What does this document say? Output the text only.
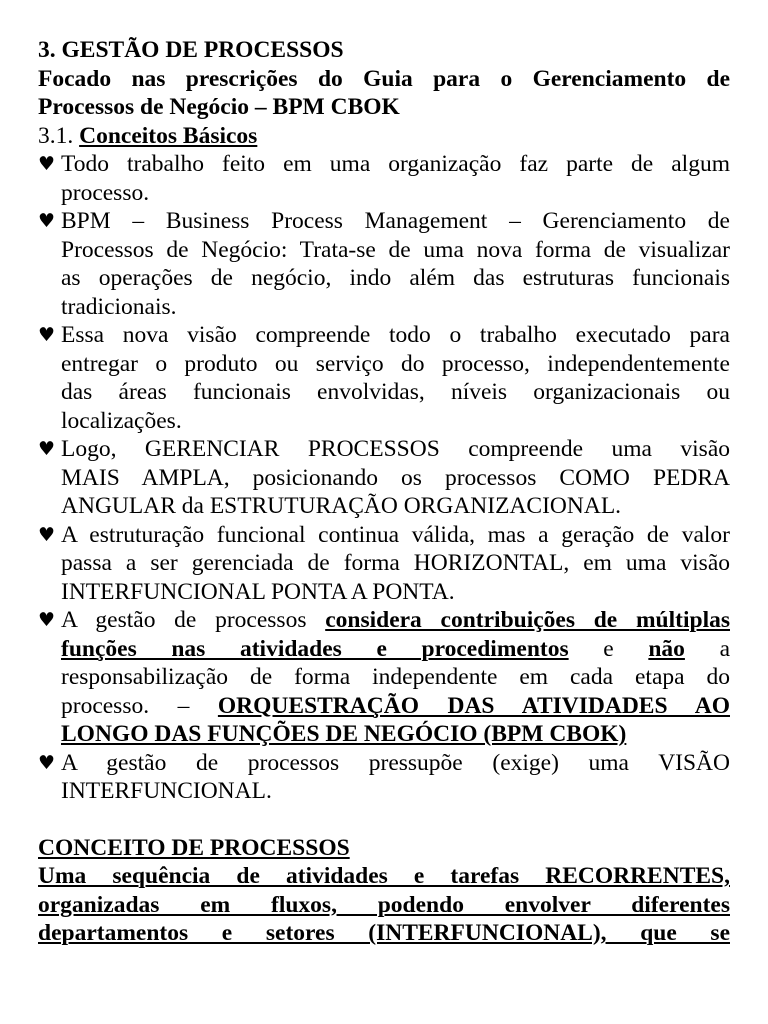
3. GESTÃO DE PROCESSOS
Focado nas prescrições do Guia para o Gerenciamento de
Processos de Negócio – BPM CBOK
3.1. Conceitos Básicos
♥ Todo trabalho feito em uma organização faz parte de algum
processo.
♥ BPM – Business Process Management – Gerenciamento de
Processos de Negócio: Trata-se de uma nova forma de visualizar
as operações de negócio, indo além das estruturas funcionais
tradicionais.
♥ Essa nova visão compreende todo o trabalho executado para
entregar o produto ou serviço do processo, independentemente
das áreas funcionais envolvidas, níveis organizacionais ou
localizações.
♥ Logo, GERENCIAR PROCESSOS compreende uma visão
MAIS AMPLA, posicionando os processos COMO PEDRA
ANGULAR da ESTRUTURAÇÃO ORGANIZACIONAL.
♥ A estruturação funcional continua válida, mas a geração de valor
passa a ser gerenciada de forma HORIZONTAL, em uma visão
INTERFUNCIONAL PONTA A PONTA.
♥ A gestão de processos considera contribuições de múltiplas
funções nas atividades e procedimentos e não a
responsabilização de forma independente em cada etapa do
processo. – ORQUESTRAÇÃO DAS ATIVIDADES AO
LONGO DAS FUNÇÕES DE NEGÓCIO (BPM CBOK)
♥ A gestão de processos pressupõe (exige) uma VISÃO
INTERFUNCIONAL.
CONCEITO DE PROCESSOS
Uma sequência de atividades e tarefas RECORRENTES,
organizadas em fluxos, podendo envolver diferentes
departamentos e setores (INTERFUNCIONAL), que se
